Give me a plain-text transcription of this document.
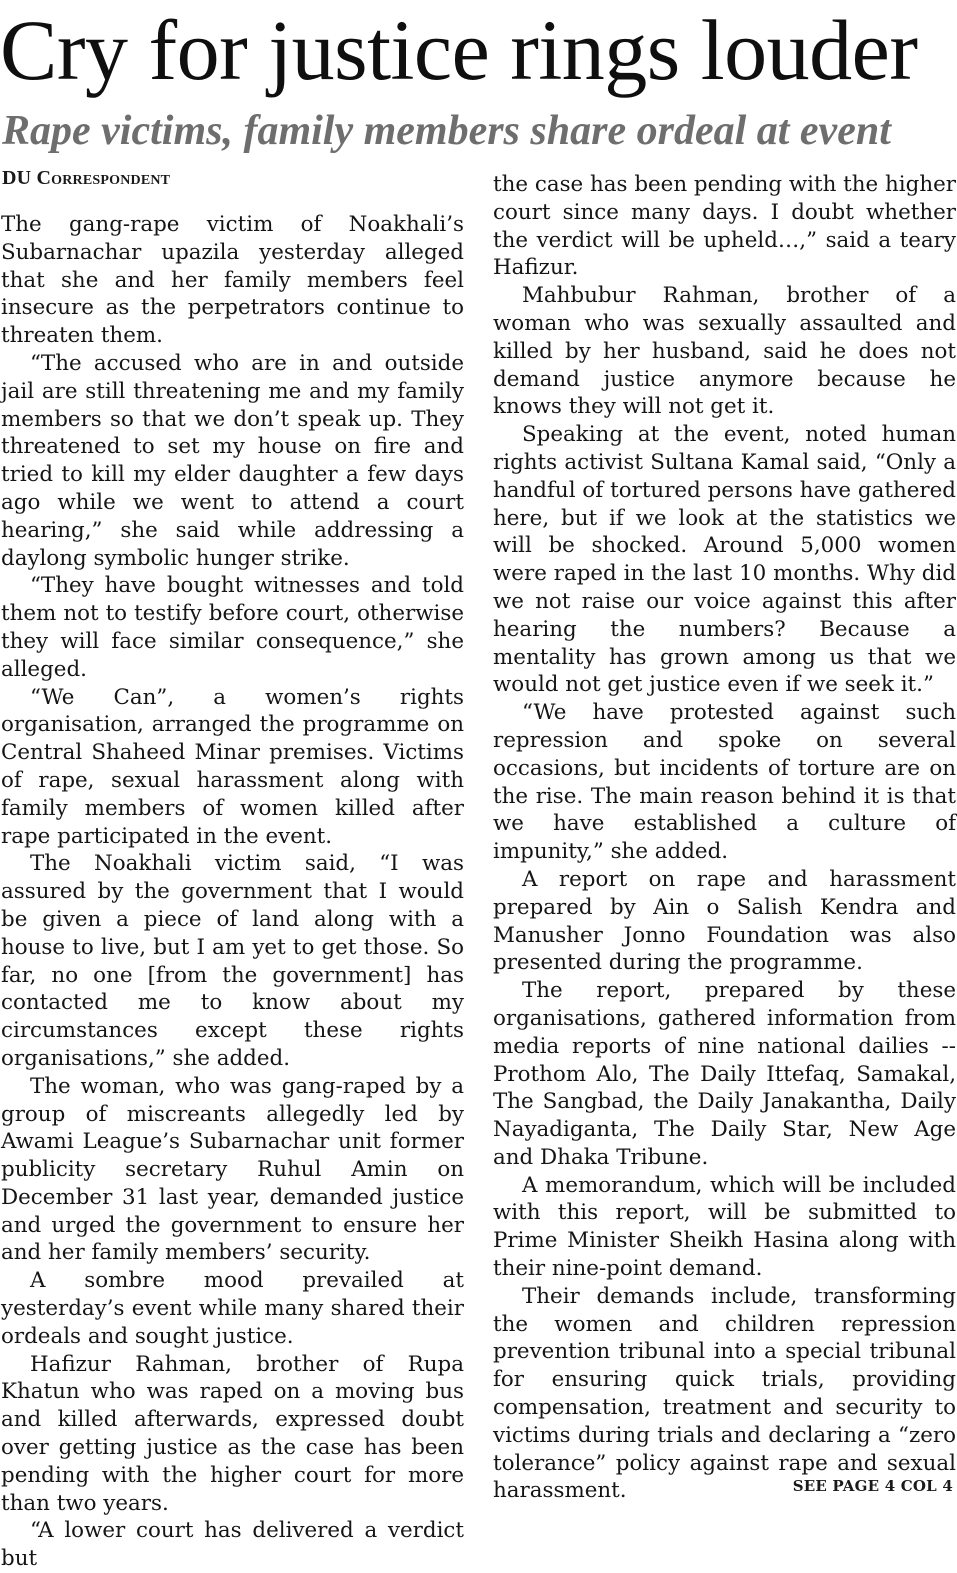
Cry for justice rings louder
Rape victims, family members share ordeal at event
DU Correspondent

The gang-rape victim of Noakhali’s Subarnachar upazila yesterday alleged that she and her family members feel insecure as the perpetrators continue to threaten them.

“The accused who are in and outside jail are still threatening me and my family members so that we don’t speak up. They threatened to set my house on fire and tried to kill my elder daughter a few days ago while we went to attend a court hearing,” she said while addressing a daylong symbolic hunger strike.

“They have bought witnesses and told them not to testify before court, otherwise they will face similar consequence,” she alleged.

“We Can”, a women’s rights organisation, arranged the programme on Central Shaheed Minar premises. Victims of rape, sexual harassment along with family members of women killed after rape participated in the event.

The Noakhali victim said, “I was assured by the government that I would be given a piece of land along with a house to live, but I am yet to get those. So far, no one [from the government] has contacted me to know about my circumstances except these rights organisations,” she added.

The woman, who was gang-raped by a group of miscreants allegedly led by Awami League’s Subarnachar unit former publicity secretary Ruhul Amin on December 31 last year, demanded justice and urged the government to ensure her and her family members’ security.

A sombre mood prevailed at yesterday’s event while many shared their ordeals and sought justice.

Hafizur Rahman, brother of Rupa Khatun who was raped on a moving bus and killed afterwards, expressed doubt over getting justice as the case has been pending with the higher court for more than two years.

“A lower court has delivered a verdict but

the case has been pending with the higher court since many days. I doubt whether the verdict will be upheld…,” said a teary Hafizur.

Mahbubur Rahman, brother of a woman who was sexually assaulted and killed by her husband, said he does not demand justice anymore because he knows they will not get it.

Speaking at the event, noted human rights activist Sultana Kamal said, “Only a handful of tortured persons have gathered here, but if we look at the statistics we will be shocked. Around 5,000 women were raped in the last 10 months. Why did we not raise our voice against this after hearing the numbers? Because a mentality has grown among us that we would not get justice even if we seek it.”

“We have protested against such repression and spoke on several occasions, but incidents of torture are on the rise. The main reason behind it is that we have established a culture of impunity,” she added.

A report on rape and harassment prepared by Ain o Salish Kendra and Manusher Jonno Foundation was also presented during the programme.

The report, prepared by these organisations, gathered information from media reports of nine national dailies -- Prothom Alo, The Daily Ittefaq, Samakal, The Sangbad, the Daily Janakantha, Daily Nayadiganta, The Daily Star, New Age and Dhaka Tribune.

A memorandum, which will be included with this report, will be submitted to Prime Minister Sheikh Hasina along with their nine-point demand.

Their demands include, transforming the women and children repression prevention tribunal into a special tribunal for ensuring quick trials, providing compensation, treatment and security to victims during trials and declaring a “zero tolerance” policy against rape and sexual harassment.	SEE PAGE 4 COL 4
